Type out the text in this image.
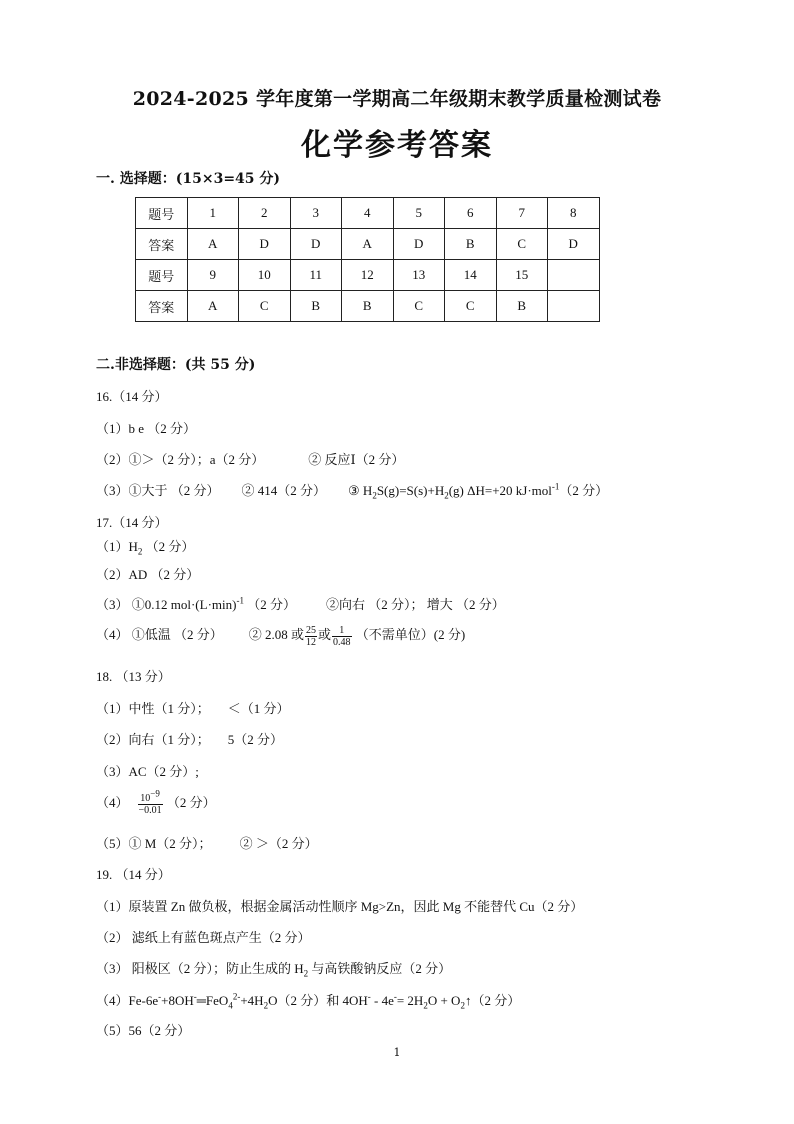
2024-2025 学年度第一学期高二年级期末教学质量检测试卷
化学参考答案
一. 选择题：(15×3=45 分)
题号	1	2	3	4	5	6	7	8
答案	A	D	D	A	D	B	C	D
题号	9	10	11	12	13	14	15	
答案	A	C	B	B	C	C	B	
二.非选择题：(共 55 分)
16.（14 分）
（1）b e （2 分）
（2）①＞（2 分）；a（2 分）	② 反应Ⅰ（2 分）
（3）①大于 （2 分） ② 414（2 分） ③ $H_2S(g)=S(s)+H_2(g)$ ΔH=+20 kJ·mol$^{-1}$（2 分）
17.（14 分）
$(1)H_2$ （2 分）
（2）AD （2 分）
（3） ①0.12 $mol\cdot(L\cdot\min)^{-1}$ （2 分） ②向右 （2 分）； 增大 （2 分）
（4） ①低温 （2 分） ② 2.08 或 $\frac{25}{12}$ 或 $\frac{1}{0.48}$ （不需单位）(2 分)
18. （13 分）
（1）中性（1 分）； ＜（1 分）
（2）向右（1 分）； 5（2 分）
（3）AC（2 分）;
$(4) \frac{10^{-9}}{-0.01} (2$ 分）
（5）① M（2 分）； ② ＞（2 分）
19. （14 分）
（1）原装置 Zn 做负极，根据金属活动性顺序 Mg>Zn，因此 Mg 不能替代 Cu（2 分）
（2） 滤纸上有蓝色斑点产生（2 分）
（3） 阳极区（2 分）；防止生成的 $H_2$ 与高铁酸钠反应（2 分）
$(4)Fe-6e^-+8OH^-═FeO_4^{2-}+4H_2O(2$ 分）和 $4OH^- - 4e^-= 2H_2O$ + $O_2↑(2$ 分）
（5）56（2 分）
1
